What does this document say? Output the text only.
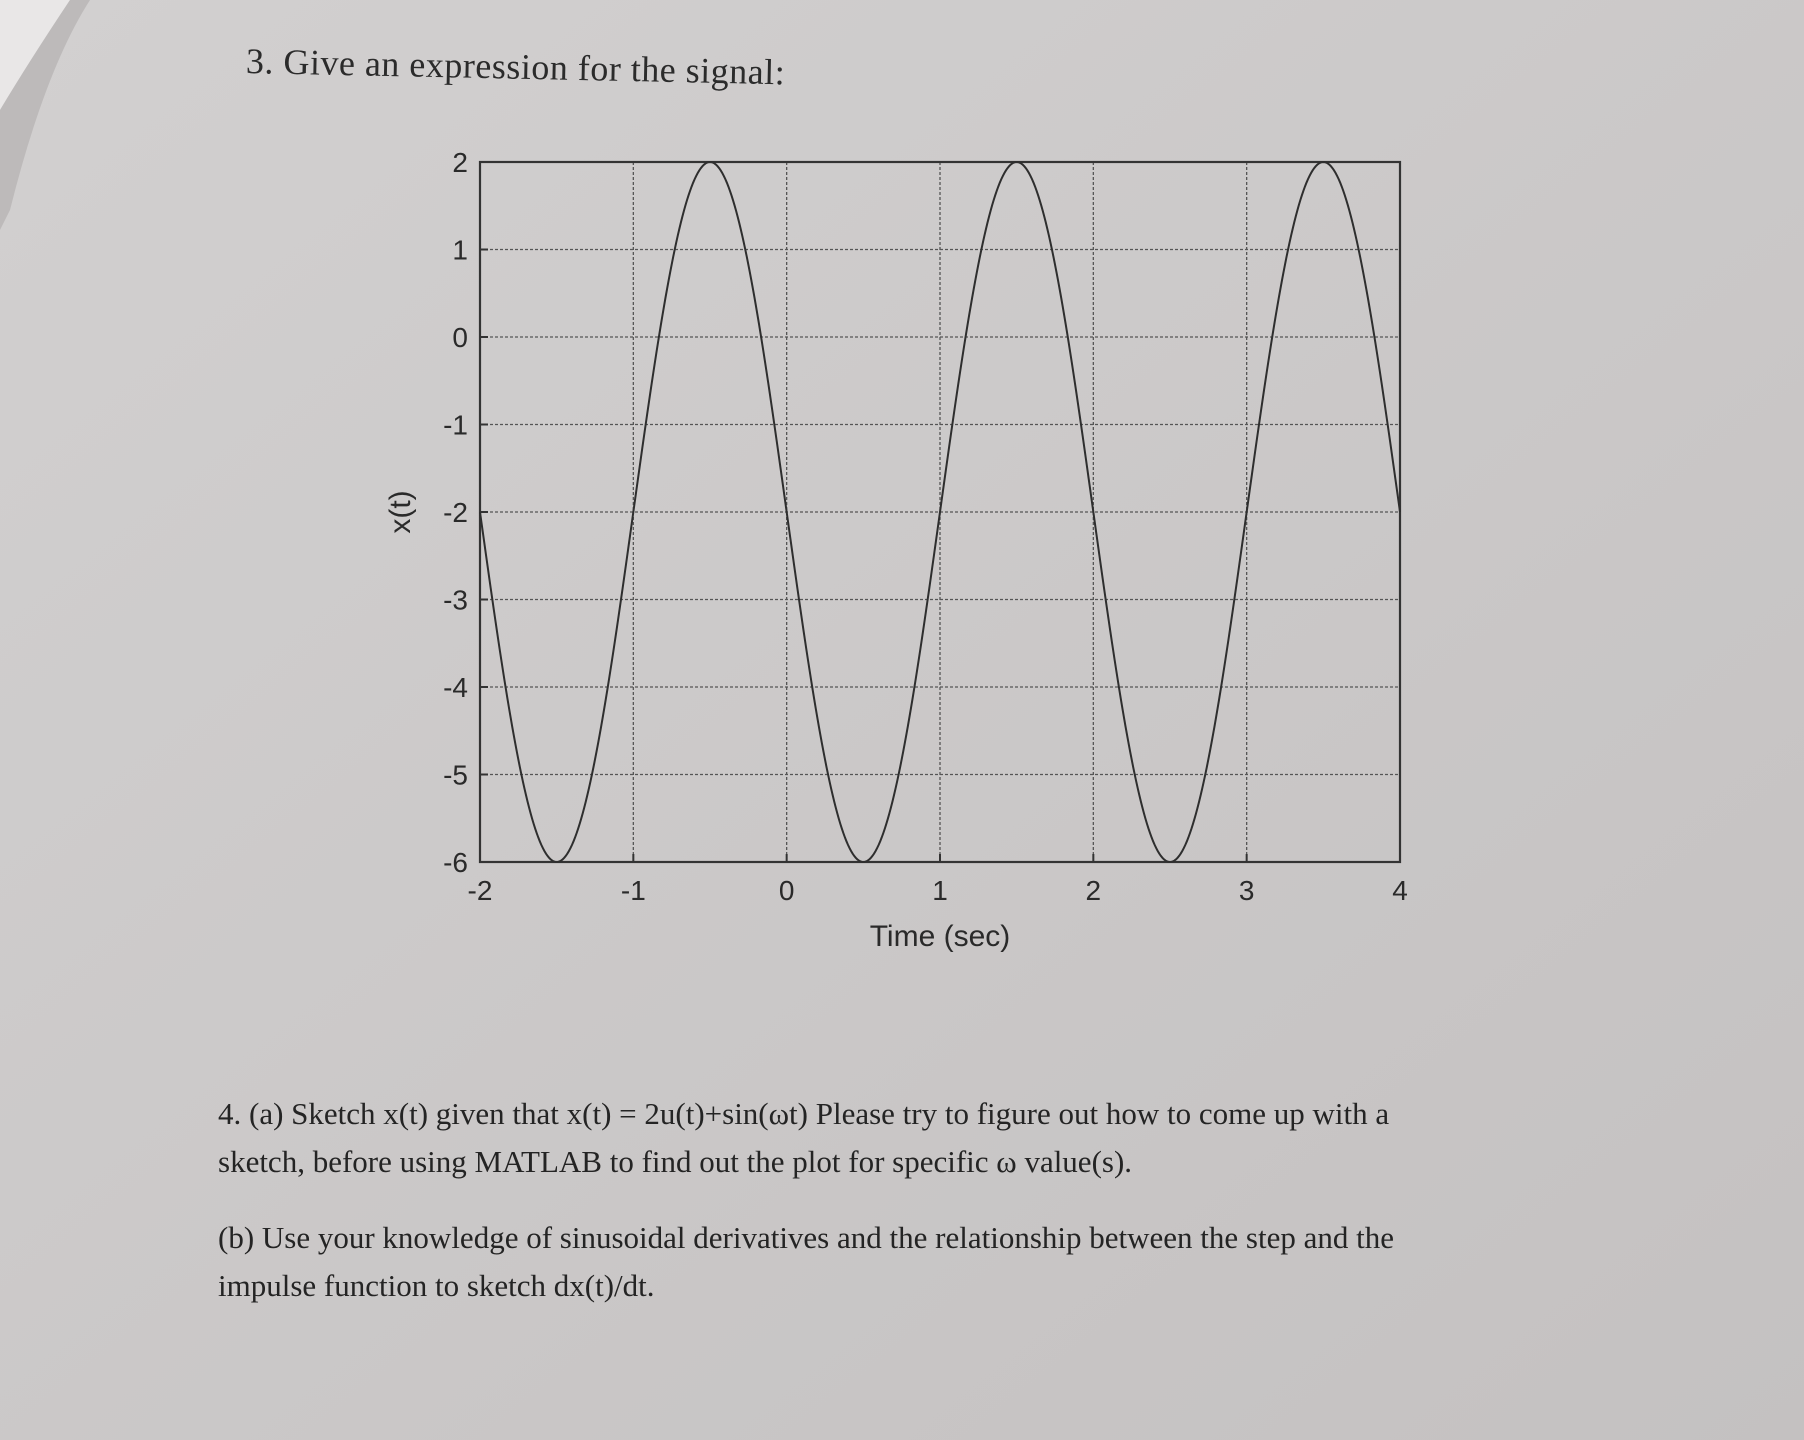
3. Give an expression for the signal:
2
1
0
-1
-2
-3
-4
-5
-6
-2	-1	0	1	2	3	4
Time (sec)
x(t)

4. (a) Sketch x(t) given that x(t) = 2u(t)+sin(ωt) Please try to figure out how to come up with a
sketch, before using MATLAB to find out the plot for specific ω value(s).

(b) Use your knowledge of sinusoidal derivatives and the relationship between the step and the
impulse function to sketch dx(t)/dt.
